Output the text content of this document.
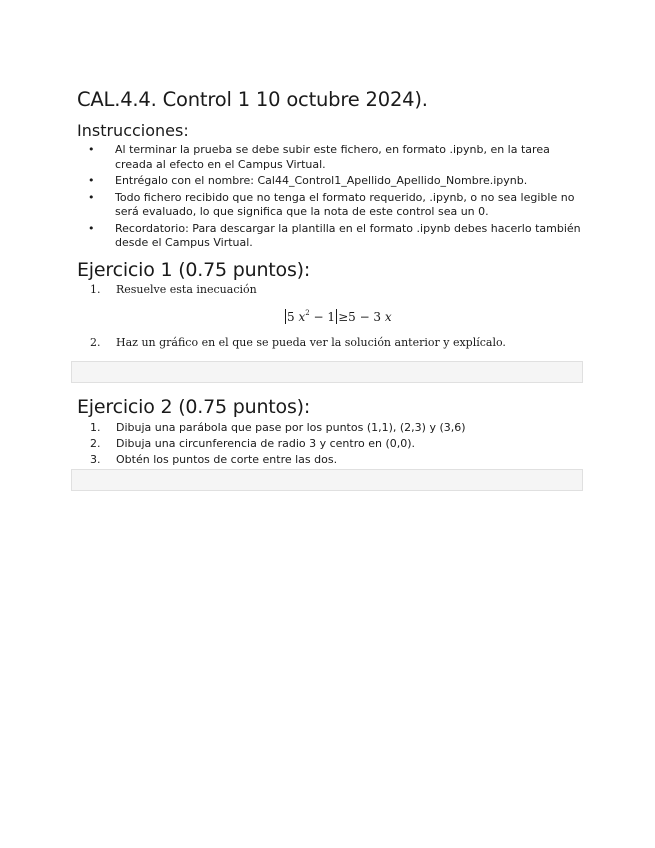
CAL.4.4. Control 1 10 octubre 2024).
Instrucciones:
• Al terminar la prueba se debe subir este fichero, en formato .ipynb, en la tarea creada al efecto en el Campus Virtual.
• Entrégalo con el nombre: Cal44_Control1_Apellido_Apellido_Nombre.ipynb.
• Todo fichero recibido que no tenga el formato requerido, .ipynb, o no sea legible no será evaluado, lo que significa que la nota de este control sea un 0.
• Recordatorio: Para descargar la plantilla en el formato .ipynb debes hacerlo también desde el Campus Virtual.
Ejercicio 1 (0.75 puntos):
1. Resuelve esta inecuación
5 $x^2 - 1 \ge 5 - 3$ x
2. Haz un gráfico en el que se pueda ver la solución anterior y explícalo.
Ejercicio 2 (0.75 puntos):
1. Dibuja una parábola que pase por los puntos (1,1), (2,3) y (3,6)
2. Dibuja una circunferencia de radio 3 y centro en (0,0).
3. Obtén los puntos de corte entre las dos.
